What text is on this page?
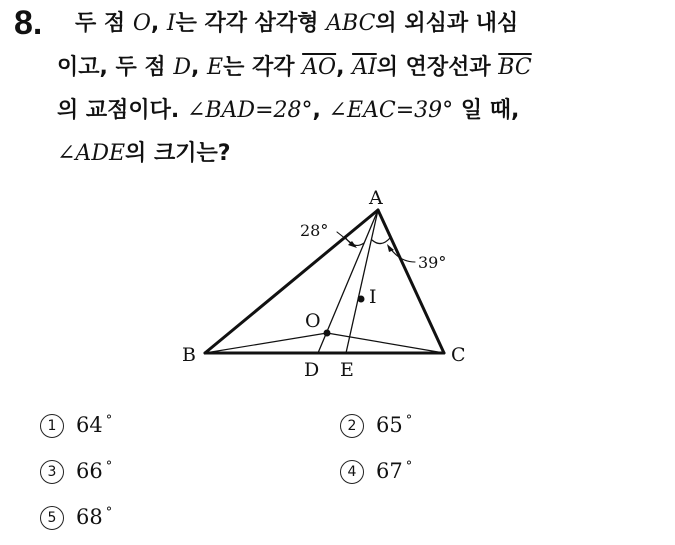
8. 두 점 O, I는 각각 삼각형 ABC의 외심과 내심
이고, 두 점 D, E는 각각 $\overline{AO}$, $\overline{AI}$의 연장선과 $\overline{BC}$
의 교점이다. ∠BAD=28°, ∠EAC=39° 일 때,
∠ADE의 크기는?
A
B	C
D E
O
I
28°
39°
1 64 °	2 65 °
3 66 °	4 67 °
5 68 °
